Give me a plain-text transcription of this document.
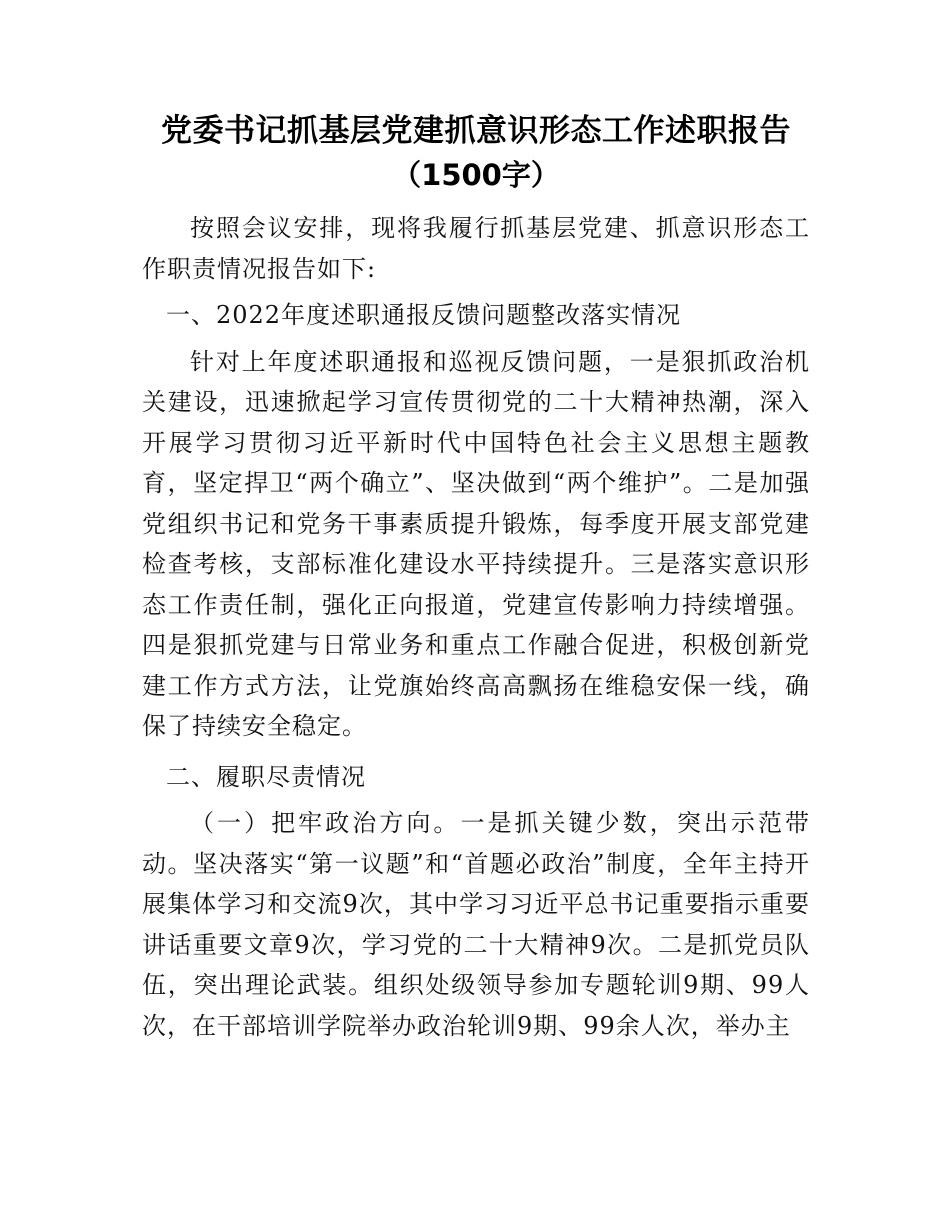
党委书记抓基层党建抓意识形态工作述职报告
（1500字）

按照会议安排，现将我履行抓基层党建、抓意识形态工作职责情况报告如下:

一、2022年度述职通报反馈问题整改落实情况

针对上年度述职通报和巡视反馈问题，一是狠抓政治机关建设，迅速掀起学习宣传贯彻党的二十大精神热潮，深入开展学习贯彻习近平新时代中国特色社会主义思想主题教育，坚定捍卫“两个确立”、坚决做到“两个维护”。二是加强党组织书记和党务干事素质提升锻炼，每季度开展支部党建检查考核，支部标准化建设水平持续提升。三是落实意识形态工作责任制，强化正向报道，党建宣传影响力持续增强。四是狠抓党建与日常业务和重点工作融合促进，积极创新党建工作方式方法，让党旗始终高高飘扬在维稳安保一线，确保了持续安全稳定。

二、履职尽责情况

（一）把牢政治方向。一是抓关键少数，突出示范带动。坚决落实“第一议题”和“首题必政治”制度，全年主持开展集体学习和交流9次，其中学习习近平总书记重要指示重要讲话重要文章9次，学习党的二十大精神9次。二是抓党员队伍，突出理论武装。组织处级领导参加专题轮训9期、99人次，在干部培训学院举办政治轮训9期、99余人次，举办主
